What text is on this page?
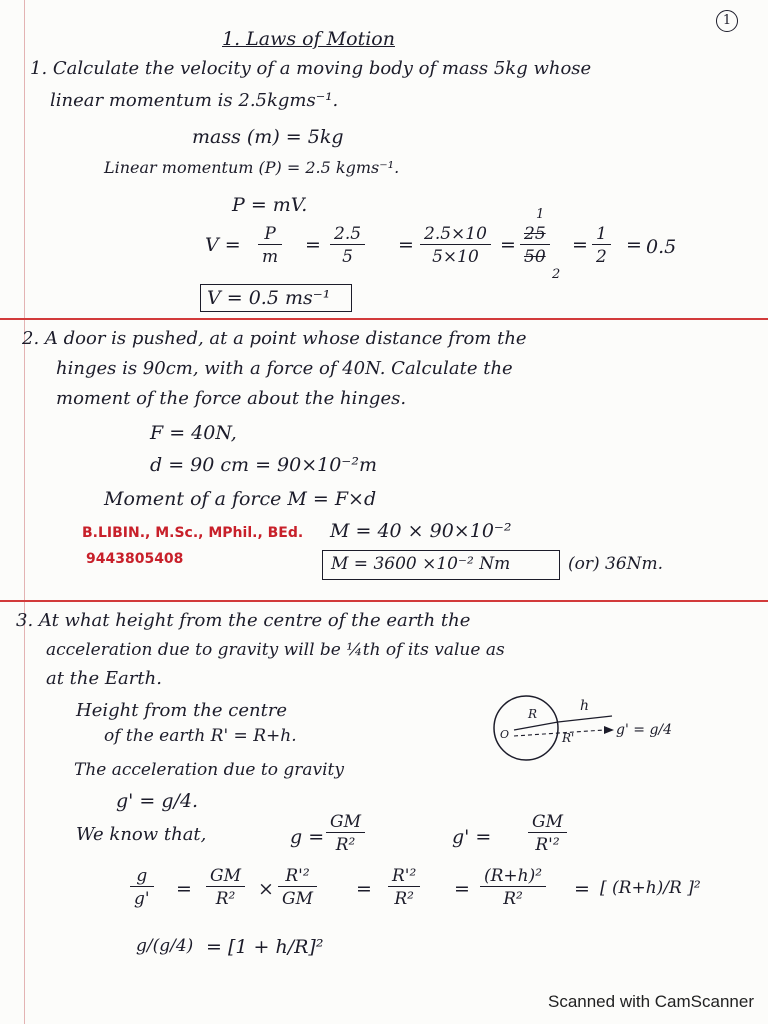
1
1. Laws of Motion
1. Calculate the velocity of a moving body of mass 5kg whose
linear momentum is 2.5kgms⁻¹.
mass (m) = 5kg
Linear momentum (P) = 2.5 kgms⁻¹.
P = mV.
$V = \frac{P}{m} = \frac{2.5}{5} = \frac{2.5\times 10}{5\times 10}$ =
1
$\frac{25}{50}$
2
= $\frac{1}{2} = 0.5$
V = 0.5 ms⁻¹
2. A door is pushed, at a point whose distance from the
hinges is 90cm, with a force of 40N. Calculate the
moment of the force about the hinges.
F = 40N,
d = 90 cm = 90×10⁻²m
Moment of a force M = F×d
M = 40 × 90×10⁻²
B.LIBIN., M.Sc., MPhil., BEd.
9443805408	M = 3600 ×10⁻² Nm	(or) 36Nm.
3. At what height from the centre of the earth the
acceleration due to gravity will be ¼th of its value as
at the Earth.
Height from the centre
of the earth R' = R+h.
R	h
O	R'	g' = g/4
The acceleration due to gravity
g' = g/4.
We know that,	$g = \frac{GM}{\text{R²}}$	$g' = \frac{GM}{\text{R'²}}$
$\frac{g}{g'} = \frac{GM}{\text{R²}} \times \frac{\text{R'²}}{GM} = \frac{\text{R'²}}{\text{R²}} = \frac{\text{(R+h)²}}{\text{R²}}$ = [ (R+h)/R ]²
g/(g/4) = [1 + h/R]²
Scanned with CamScanner
